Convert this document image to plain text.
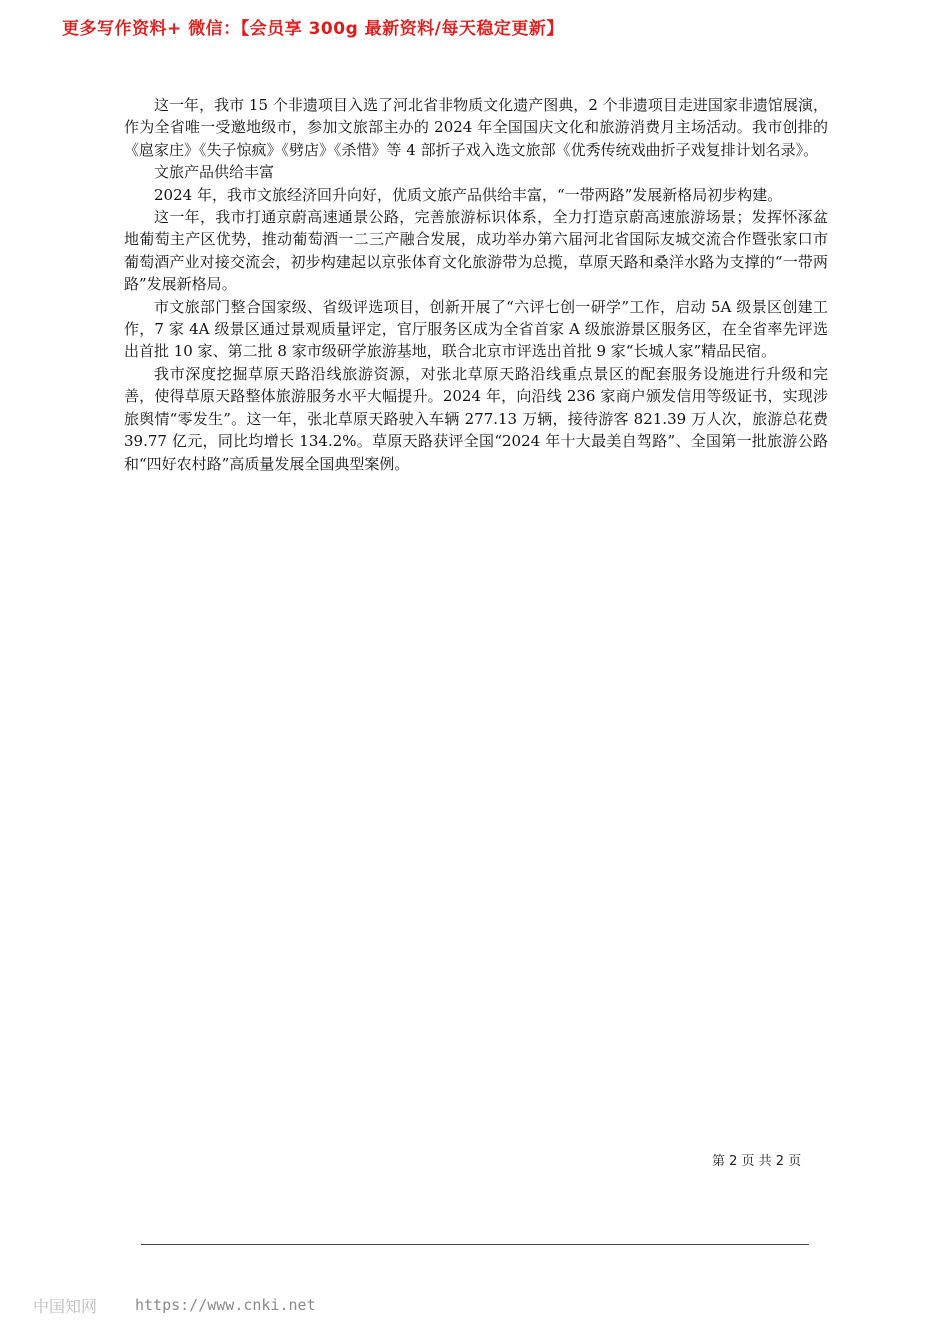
更多写作资料+ 微信：【会员享 300g 最新资料/每天稳定更新】

这一年，我市 15 个非遗项目入选了河北省非物质文化遗产图典，2 个非遗项目走进国家非遗馆展演，作为全省唯一受邀地级市，参加文旅部主办的 2024 年全国国庆文化和旅游消费月主场活动。我市创排的《扈家庄》《失子惊疯》《劈店》《杀惜》等 4 部折子戏入选文旅部《优秀传统戏曲折子戏复排计划名录》。

文旅产品供给丰富

2024 年，我市文旅经济回升向好，优质文旅产品供给丰富，“一带两路”发展新格局初步构建。

这一年，我市打通京蔚高速通景公路，完善旅游标识体系，全力打造京蔚高速旅游场景；发挥怀涿盆地葡萄主产区优势，推动葡萄酒一二三产融合发展，成功举办第六届河北省国际友城交流合作暨张家口市葡萄酒产业对接交流会，初步构建起以京张体育文化旅游带为总揽，草原天路和桑洋水路为支撑的“一带两路”发展新格局。

市文旅部门整合国家级、省级评选项目，创新开展了“六评七创一研学”工作，启动 5A 级景区创建工作，7 家 4A 级景区通过景观质量评定，官厅服务区成为全省首家 A 级旅游景区服务区，在全省率先评选出首批 10 家、第二批 8 家市级研学旅游基地，联合北京市评选出首批 9 家“长城人家”精品民宿。

我市深度挖掘草原天路沿线旅游资源，对张北草原天路沿线重点景区的配套服务设施进行升级和完善，使得草原天路整体旅游服务水平大幅提升。2024 年，向沿线 236 家商户颁发信用等级证书，实现涉旅舆情“零发生”。这一年，张北草原天路驶入车辆 277.13 万辆，接待游客 821.39 万人次，旅游总花费 39.77 亿元，同比均增长 134.2%。草原天路获评全国“2024 年十大最美自驾路”、全国第一批旅游公路和“四好农村路”高质量发展全国典型案例。

第 2 页 共 2 页
中国知网	https://www.cnki.net
